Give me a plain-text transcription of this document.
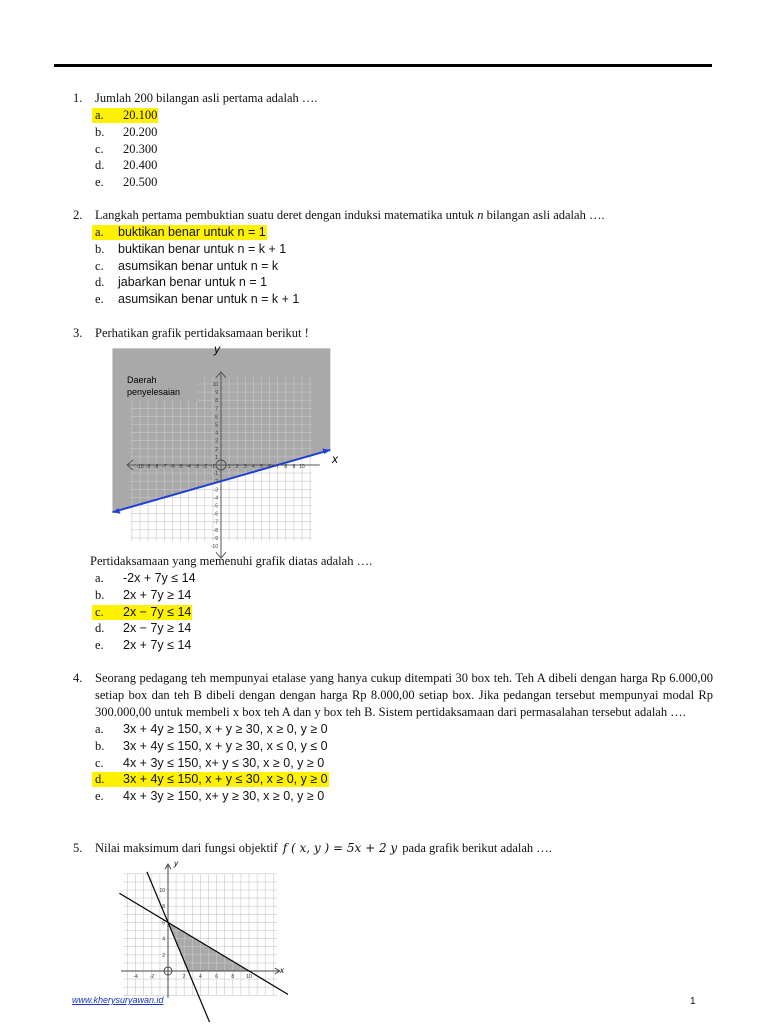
1. Jumlah 200 bilangan asli pertama adalah ….
a. 20.100
b. 20.200
c. 20.300
d. 20.400
e. 20.500
2. Langkah pertama pembuktian suatu deret dengan induksi matematika untuk n bilangan asli adalah ….
a. buktikan benar untuk n = 1
b. buktikan benar untuk n = k + 1
c. asumsikan benar untuk n = k
d. jabarkan benar untuk n = 1
e. asumsikan benar untuk n = k + 1
3. Perhatikan grafik pertidaksamaan berikut !
-10 -9 -8 -7 -6 -5 -4 -3 -2 -1	1 2 3 4 5 6 7 8 9 10
10
9
8
7
6
5
4
3
2
1
-1
-2
-3
-4
-5
-6
-7
-8
-9
-10
y
x
Daerah
penyelesaian
Pertidaksamaan yang memenuhi grafik diatas adalah ….
a. -2x + 7y ≤ 14
b. 2x + 7y ≥ 14
c. 2x − 7y ≤ 14
d. 2x − 7y ≥ 14
e. 2x + 7y ≤ 14
4. Seorang pedagang teh mempunyai etalase yang hanya cukup ditempati 30 box teh. Teh A dibeli dengan harga Rp 6.000,00 setiap box dan teh B dibeli dengan dengan harga Rp 8.000,00 setiap box. Jika pedangan tersebut mempunyai modal Rp 300.000,00 untuk membeli x box teh A dan y box teh B. Sistem pertidaksamaan dari permasalahan tersebut adalah ….
a. 3x + 4y ≥ 150, x + y ≥ 30, x ≥ 0, y ≥ 0
b. 3x + 4y ≤ 150, x + y ≥ 30, x ≤ 0, y ≤ 0
c. 4x + 3y ≤ 150, x+ y ≤ 30, x ≥ 0, y ≥ 0
d. 3x + 4y ≤ 150, x + y ≤ 30, x ≥ 0, y ≥ 0
e. 4x + 3y ≥ 150, x+ y ≥ 30, x ≥ 0, y ≥ 0
5. Nilai maksimum dari fungsi objektif f ( x, y ) = 5x + 2 y pada grafik berikut adalah ….
-4 -2	2	4	6	8 10
10
8
6
4
2
y
x
www.kherysuryawan.id	1
